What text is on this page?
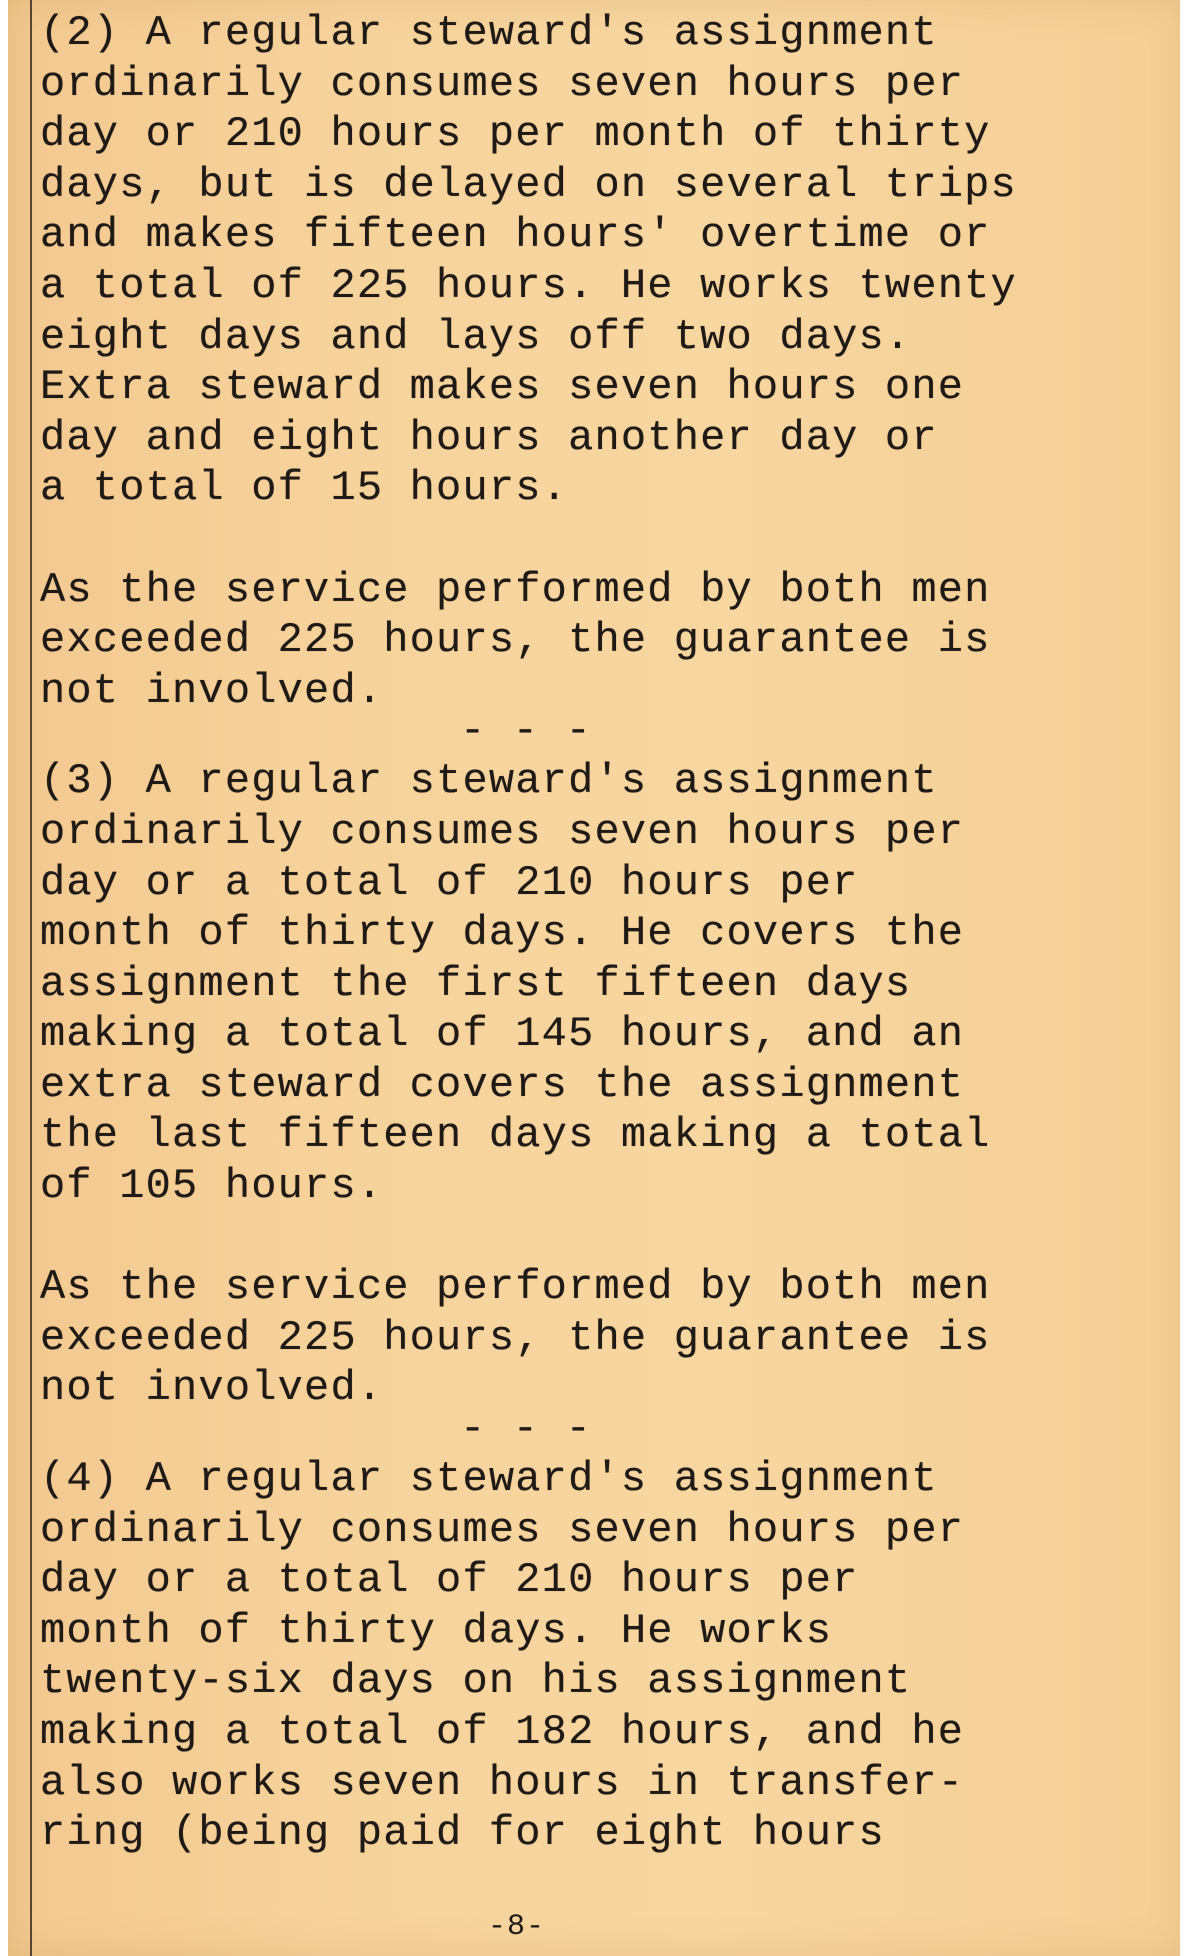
(2) A regular steward's assignment
ordinarily consumes seven hours per
day or 210 hours per month of thirty
days, but is delayed on several trips
and makes fifteen hours' overtime or
a total of 225 hours. He works twenty
eight days and lays off two days.
Extra steward makes seven hours one
day and eight hours another day or
a total of 15 hours.
As the service performed by both men
exceeded 225 hours, the guarantee is
not involved.
- - -
(3) A regular steward's assignment
ordinarily consumes seven hours per
day or a total of 210 hours per
month of thirty days. He covers the
assignment the first fifteen days
making a total of 145 hours, and an
extra steward covers the assignment
the last fifteen days making a total
of 105 hours.
As the service performed by both men
exceeded 225 hours, the guarantee is
not involved.
- - -
(4) A regular steward's assignment
ordinarily consumes seven hours per
day or a total of 210 hours per
month of thirty days. He works
twenty-six days on his assignment
making a total of 182 hours, and he
also works seven hours in transfer-
ring (being paid for eight hours
-8-
